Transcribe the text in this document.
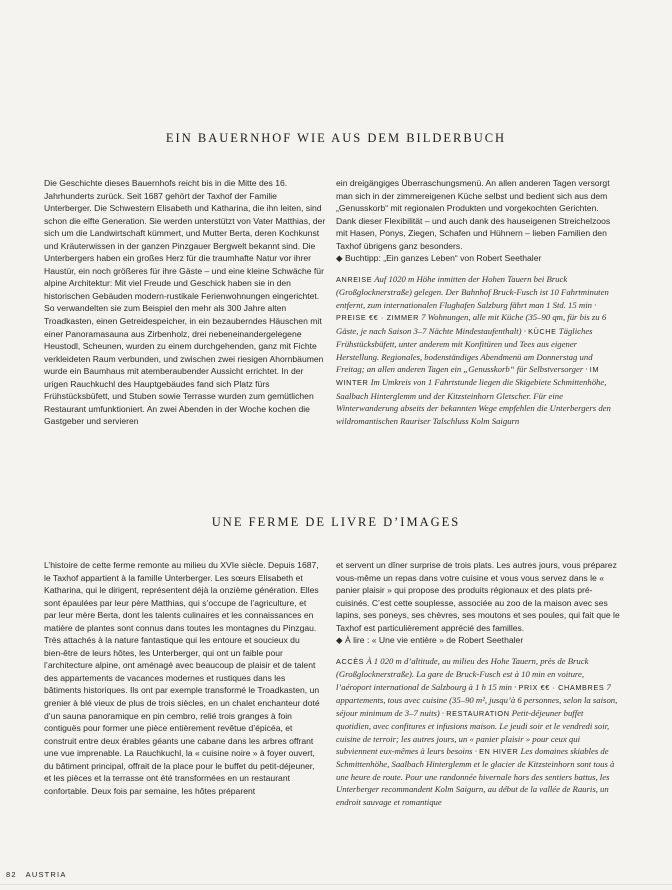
EIN BAUERNHOF WIE AUS DEM BILDERBUCH

Die Geschichte dieses Bauernhofs reicht bis in die Mitte des 16. Jahrhunderts zurück. Seit 1687 gehört der Taxhof der Familie Unterberger. Die Schwestern Elisabeth und Katharina, die ihn leiten, sind schon die elfte Generation. Sie werden unterstützt von Vater Matthias, der sich um die Landwirtschaft kümmert, und Mutter Berta, deren Kochkunst und Kräuterwissen in der ganzen Pinzgauer Bergwelt bekannt sind. Die Unterbergers haben ein großes Herz für die traumhafte Natur vor ihrer Haustür, ein noch größeres für ihre Gäste – und eine kleine Schwäche für alpine Architektur: Mit viel Freude und Geschick haben sie in den historischen Gebäuden modern-rustikale Ferienwohnungen eingerichtet. So verwandelten sie zum Beispiel den mehr als 300 Jahre alten Troadkasten, einen Getreidespeicher, in ein bezauberndes Häuschen mit einer Panoramasauna aus Zirbenholz, drei nebeneinandergelegene Heustodl, Scheunen, wurden zu einem durchgehenden, ganz mit Fichte verkleideten Raum verbunden, und zwischen zwei riesigen Ahornbäumen wurde ein Baumhaus mit atemberaubender Aussicht errichtet. In der urigen Rauchkuchl des Hauptgebäudes fand sich Platz fürs Frühstücksbüfett, und Stuben sowie Terrasse wurden zum gemütlichen Restaurant umfunktioniert. An zwei Abenden in der Woche kochen die Gastgeber und servieren

ein dreigängiges Überraschungsmenü. An allen anderen Tagen versorgt man sich in der zimmereigenen Küche selbst und bedient sich aus dem „Genusskorb“ mit regionalen Produkten und vorgekochten Gerichten. Dank dieser Flexibilität – und auch dank des hauseigenen Streichelzoos mit Hasen, Ponys, Ziegen, Schafen und Hühnern – lieben Familien den Taxhof übrigens ganz besonders.

◆ Buchtipp: „Ein ganzes Leben“ von Robert Seethaler

ANREISE Auf 1020 m Höhe inmitten der Hohen Tauern bei Bruck (Großglocknerstraße) gelegen. Der Bahnhof Bruck-Fusch ist 10 Fahrtminuten entfernt, zum internationalen Flughafen Salzburg fährt man 1 Std. 15 min · PREISE €€ · ZIMMER 7 Wohnungen, alle mit Küche (35–90 qm, für bis zu 6 Gäste, je nach Saison 3–7 Nächte Mindestaufenthalt) · KÜCHE Tägliches Frühstücksbüfett, unter anderem mit Konfitüren und Tees aus eigener Herstellung. Regionales, bodenständiges Abendmenü am Donnerstag und Freitag; an allen anderen Tagen ein „Genusskorb“ für Selbstversorger · IM WINTER Im Umkreis von 1 Fahrtstunde liegen die Skigebiete Schmittenhöhe, Saalbach Hinterglemm und der Kitzsteinhorn Gletscher. Für eine Winterwanderung abseits der bekannten Wege empfehlen die Unterbergers den wildromantischen Rauriser Talschluss Kolm Saigurn

UNE FERME DE LIVRE D’IMAGES

L’histoire de cette ferme remonte au milieu du XVIe siècle. Depuis 1687, le Taxhof appartient à la famille Unterberger. Les sœurs Elisabeth et Katharina, qui le dirigent, représentent déjà la onzième génération. Elles sont épaulées par leur père Matthias, qui s’occupe de l’agriculture, et par leur mère Berta, dont les talents culinaires et les connaissances en matière de plantes sont connus dans toutes les montagnes du Pinzgau. Très attachés à la nature fantastique qui les entoure et soucieux du bien-être de leurs hôtes, les Unterberger, qui ont un faible pour l’architecture alpine, ont aménagé avec beaucoup de plaisir et de talent des appartements de vacances modernes et rustiques dans les bâtiments historiques. Ils ont par exemple transformé le Troadkasten, un grenier à blé vieux de plus de trois siècles, en un chalet enchanteur doté d’un sauna panoramique en pin cembro, relié trois granges à foin contiguës pour former une pièce entièrement revêtue d’épicéa, et construit entre deux érables géants une cabane dans les arbres offrant une vue imprenable. La Rauchkuchl, la « cuisine noire » à foyer ouvert, du bâtiment principal, offrait de la place pour le buffet du petit-déjeuner, et les pièces et la terrasse ont été transformées en un restaurant confortable. Deux fois par semaine, les hôtes préparent

et servent un dîner surprise de trois plats. Les autres jours, vous préparez vous-même un repas dans votre cuisine et vous vous servez dans le « panier plaisir » qui propose des produits régionaux et des plats pré-cuisinés. C’est cette souplesse, associée au zoo de la maison avec ses lapins, ses poneys, ses chèvres, ses moutons et ses poules, qui fait que le Taxhof est particulièrement apprécié des familles.

◆ À lire : « Une vie entière » de Robert Seethaler

ACCÈS À 1 020 m d’altitude, au milieu des Hohe Tauern, près de Bruck (Großglocknerstraße). La gare de Bruck-Fusch est à 10 min en voiture, l’aéroport international de Salzbourg à 1 h 15 min · PRIX €€ · CHAMBRES 7 appartements, tous avec cuisine (35–90 m², jusqu’à 6 personnes, selon la saison, séjour minimum de 3–7 nuits) · RESTAURATION Petit-déjeuner buffet quotidien, avec confitures et infusions maison. Le jeudi soir et le vendredi soir, cuisine de terroir; les autres jours, un « panier plaisir » pour ceux qui subviennent eux-mêmes à leurs besoins · EN HIVER Les domaines skiables de Schmittenhöhe, Saalbach Hinterglemm et le glacier de Kitzsteinhorn sont tous à une heure de route. Pour une randonnée hivernale hors des sentiers battus, les Unterberger recommandent Kolm Saigurn, au début de la vallée de Rauris, un endroit sauvage et romantique

82 AUSTRIA
